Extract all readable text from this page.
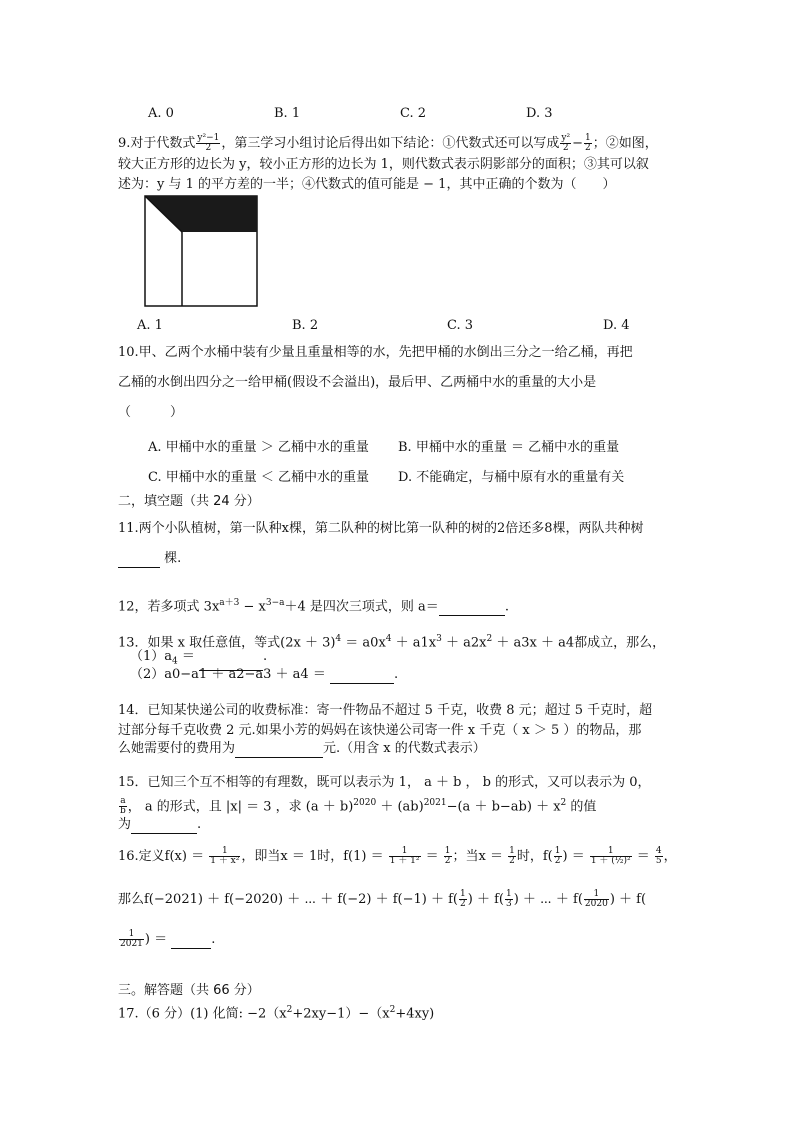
A. 0	B. 1	C. 2	D. 3
9.对于代数式 $\frac{\text{y²−1}}{2}$ ，第三学习小组讨论后得出如下结论：①代数式还可以写成 $\frac{\text{y²}}{2} - \frac{1}{2}$ ；②如图，
较大正方形的边长为 y，较小正方形的边长为 1，则代数式表示阴影部分的面积；③其可以叙
述为：y 与 1 的平方差的一半；④代数式的值可能是 − 1，其中正确的个数为（　　）
A. 1	B. 2	C. 3	D. 4
10.甲、乙两个水桶中装有少量且重量相等的水，先把甲桶的水倒出三分之一给乙桶，再把
乙桶的水倒出四分之一给甲桶(假设不会溢出)，最后甲、乙两桶中水的重量的大小是
（　　　）
A. 甲桶中水的重量 ＞ 乙桶中水的重量 B. 甲桶中水的重量 ＝ 乙桶中水的重量
C. 甲桶中水的重量 ＜ 乙桶中水的重量 D. 不能确定，与桶中原有水的重量有关
二，填空题（共 24 分）
11.两个小队植树，第一队种x棵，第二队种的树比第一队种的树的2倍还多8棵，两队共种树
棵.
12，若多项式 $3x^{a+3} - x^{3-a}+4$ 是四次三项式，则 a＝	.
13．如果 x 取任意值，等式$(2x + 3)^4 = a0x^4 + a1x^3 + a2x^2 + a3x + a4$都成立，那么，
$(1)a_4$ ＝	.
（2）a0−a1 ＋ a2−a3 ＋ a4 ＝	.
14．已知某快递公司的收费标准：寄一件物品不超过 5 千克，收费 8 元；超过 5 千克时，超
过部分每千克收费 2 元.如果小芳的妈妈在该快递公司寄一件 x 千克（ x ＞ 5 ）的物品，那
么她需要付的费用为	元.（用含 x 的代数式表示）
15．已知三个互不相等的有理数，既可以表示为 1， a ＋ b ， b 的形式，又可以表示为 0，
$\frac{a}{b}$ ， a 的形式，且 |x| ＝ 3 ，求 $(a + b)^{2020} + (ab)^{2021}-(a + b-ab) + x^2$ 的值
为	.
16.定义$f(x) = \frac{1}{\text{1 ＋ x²}}$ ，即当x ＝ 1时，$f(1) = \frac{1}{\text{1 ＋ 1²}} = \frac{1}{2}$ ；当$x = \frac{1}{2}$ 时，$f( \frac{1}{2}$ ) ＝ $\frac{1}{\text{1 ＋ (½)²}} = \frac{4}{5}$ ，
那么f(−2021) ＋ f(−2020) ＋ ⋯ ＋ $f(-2) + f(-1) + f( \frac{1}{2}$ ) ＋ $f( \frac{1}{3}$ ) ＋ ⋯ ＋ $f( \frac{1}{2020}$ ) ＋ f(
$\frac{1}{2021}$ ) ＝	.
三。解答题（共 66 分）
17.（6 分）(1) 化简: $-2(x^2+2xy-1)-(x^2+4xy)$
